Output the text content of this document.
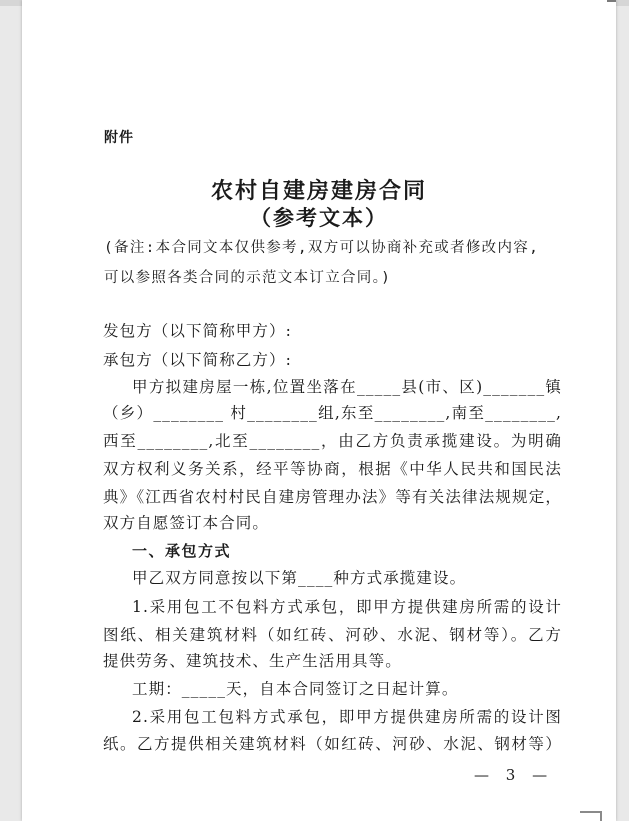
附件
农村自建房建房合同
（参考文本）
(备注:本合同文本仅供参考,双方可以协商补充或者修改内容,
可以参照各类合同的示范文本订立合同。)
发包方（以下简称甲方）:
承包方（以下简称乙方）:
甲方拟建房屋一栋,位置坐落在_____县(市、区)_______镇
（乡）________ 村________组,东至________,南至________,
西至________,北至________，由乙方负责承揽建设。为明确
双方权利义务关系，经平等协商，根据《中华人民共和国民法
典》《江西省农村村民自建房管理办法》等有关法律法规规定，
双方自愿签订本合同。
一、承包方式
甲乙双方同意按以下第____种方式承揽建设。
1.采用包工不包料方式承包，即甲方提供建房所需的设计
图纸、相关建筑材料（如红砖、河砂、水泥、钢材等）。乙方
提供劳务、建筑技术、生产生活用具等。
工期：_____天，自本合同签订之日起计算。
2.采用包工包料方式承包，即甲方提供建房所需的设计图
纸。乙方提供相关建筑材料（如红砖、河砂、水泥、钢材等）
— 3 —
